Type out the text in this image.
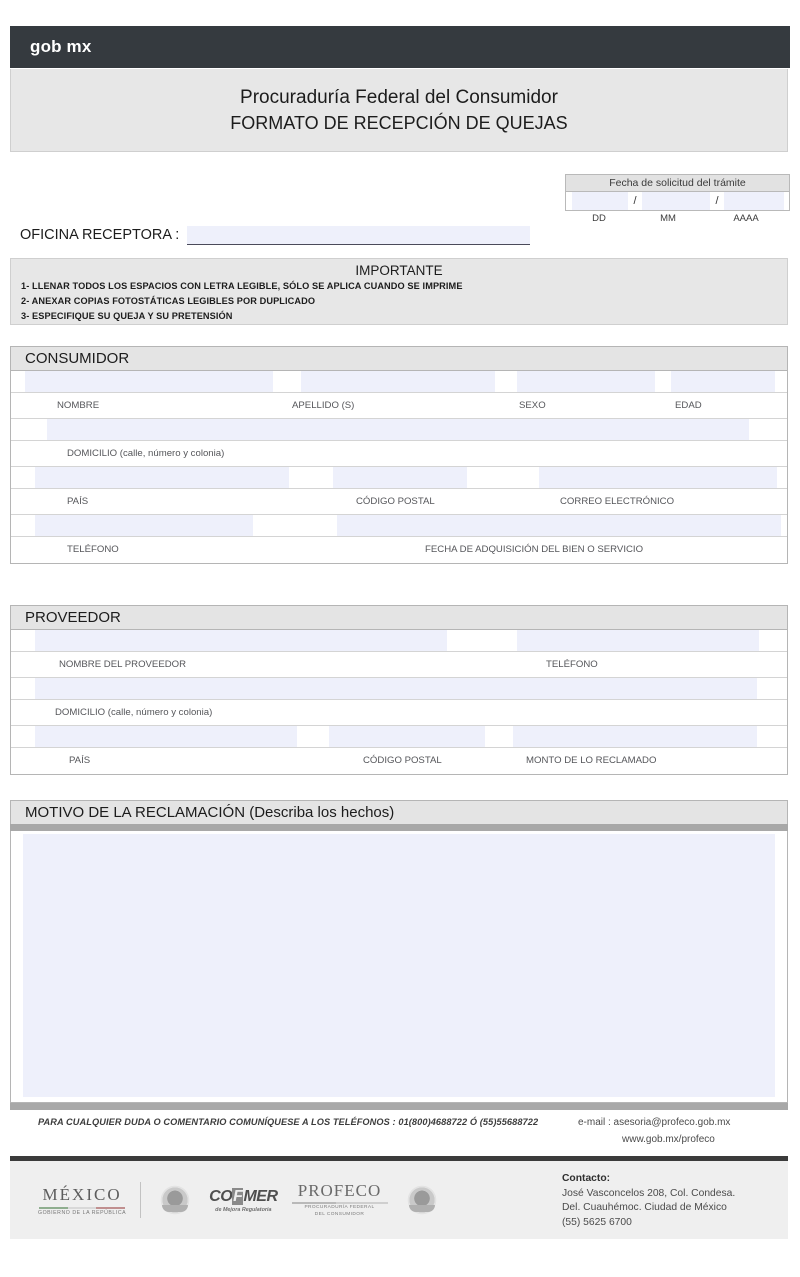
gob mx
Procuraduría Federal del Consumidor
FORMATO DE RECEPCIÓN DE QUEJAS
Fecha de solicitud del trámite
/	/
DD	MM	AAAA
OFICINA RECEPTORA :
IMPORTANTE
1- LLENAR TODOS LOS ESPACIOS CON LETRA LEGIBLE, SÓLO SE APLICA CUANDO SE IMPRIME
2- ANEXAR COPIAS FOTOSTÁTICAS LEGIBLES POR DUPLICADO
3- ESPECIFIQUE SU QUEJA Y SU PRETENSIÓN
CONSUMIDOR
NOMBRE	APELLIDO (S)	SEXO	EDAD
DOMICILIO (calle, número y colonia)
PAÍS	CÓDIGO POSTAL	CORREO ELECTRÓNICO
TELÉFONO	FECHA DE ADQUISICIÓN DEL BIEN O SERVICIO
PROVEEDOR
NOMBRE DEL PROVEEDOR	TELÉFONO
DOMICILIO (calle, número y colonia)
PAÍS	CÓDIGO POSTAL	MONTO DE LO RECLAMADO
MOTIVO DE LA RECLAMACIÓN (Describa los hechos)
PARA CUALQUIER DUDA O COMENTARIO COMUNÍQUESE A LOS TELÉFONOS : 01(800)4688722 Ó (55)55688722	e-mail : asesoria@profeco.gob.mx
www.gob.mx/profeco
MÉXICO
GOBIERNO DE LA REPÚBLICA
COFMER
de Mejora Regulatoria
PROFECO
PROCURADURÍA FEDERAL
DEL CONSUMIDOR
Contacto:
José Vasconcelos 208, Col. Condesa.
Del. Cuauhémoc. Ciudad de México
(55) 5625 6700
